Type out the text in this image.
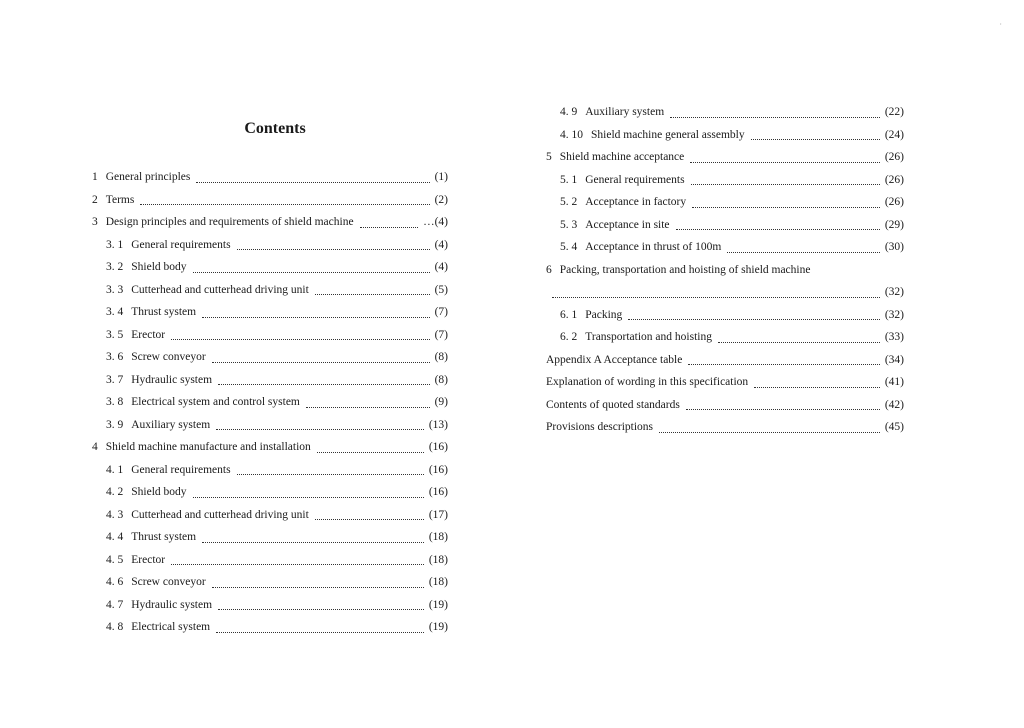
·
Contents
1 General principles	(1)
2 Terms	(2)
3 Design principles and requirements of shield machine	…(4)
3. 1 General requirements	(4)
3. 2 Shield body	(4)
3. 3 Cutterhead and cutterhead driving unit	(5)
3. 4 Thrust system	(7)
3. 5 Erector	(7)
3. 6 Screw conveyor	(8)
3. 7 Hydraulic system	(8)
3. 8 Electrical system and control system	(9)
3. 9 Auxiliary system	(13)
4 Shield machine manufacture and installation	(16)
4. 1 General requirements	(16)
4. 2 Shield body	(16)
4. 3 Cutterhead and cutterhead driving unit	(17)
4. 4 Thrust system	(18)
4. 5 Erector	(18)
4. 6 Screw conveyor	(18)
4. 7 Hydraulic system	(19)
4. 8 Electrical system	(19)
4. 9 Auxiliary system	(22)
4. 10 Shield machine general assembly	(24)
5 Shield machine acceptance	(26)
5. 1 General requirements	(26)
5. 2 Acceptance in factory	(26)
5. 3 Acceptance in site	(29)
5. 4 Acceptance in thrust of 100m	(30)
6 Packing, transportation and hoisting of shield machine
(32)
6. 1 Packing	(32)
6. 2 Transportation and hoisting	(33)
Appendix A Acceptance table	(34)
Explanation of wording in this specification	(41)
Contents of quoted standards	(42)
Provisions descriptions	(45)
